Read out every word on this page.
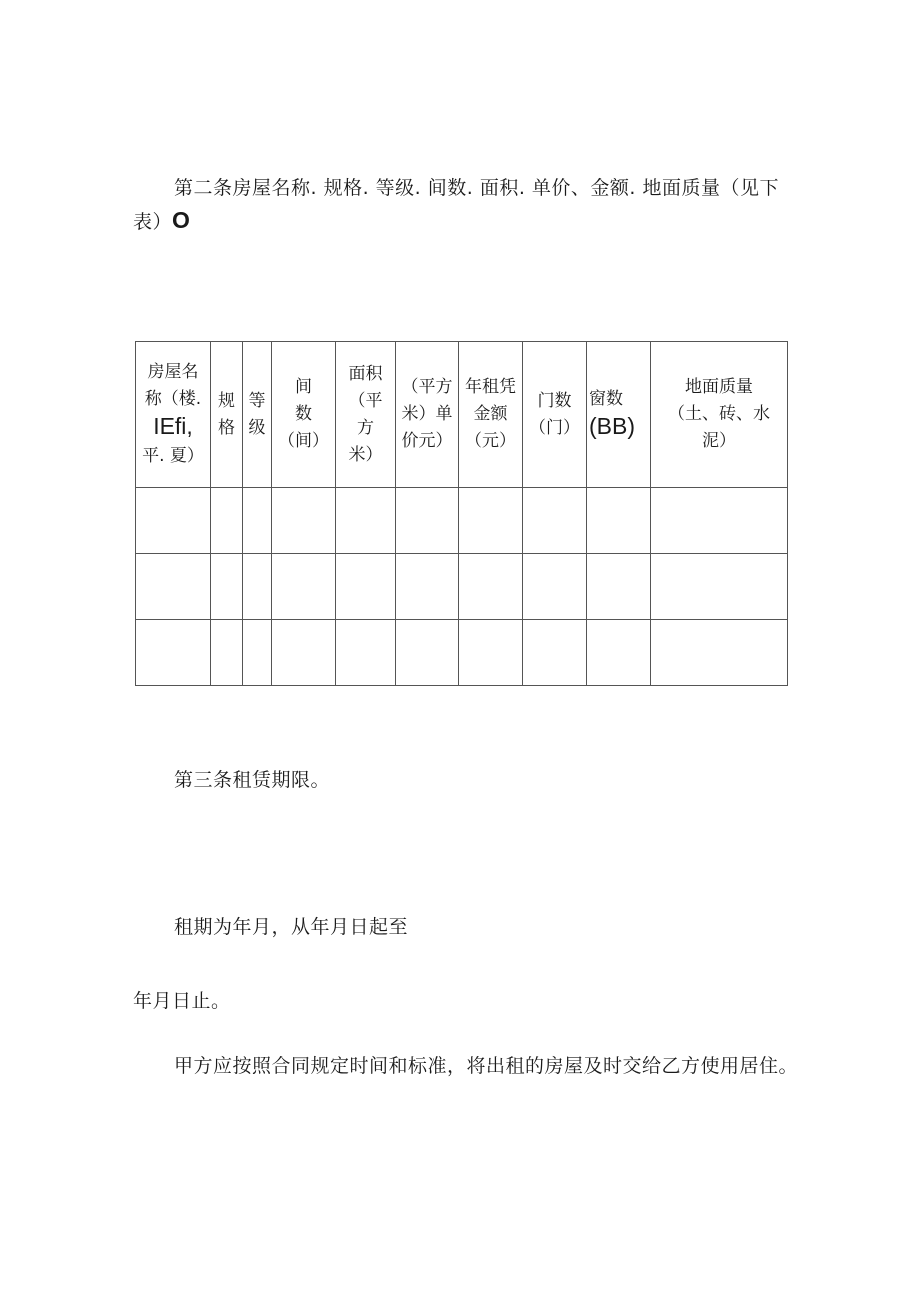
第二条房屋名称. 规格. 等级. 间数. 面积. 单价、金额. 地面质量（见下
表）O
房屋名
称（楼.
IEfi,
平. 夏）	规
格	等
级	间
数
（间）	面积
（平
方
米）	（平方
米）单
价元）	年租凭
金额
（元）	门数
（门）	窗数
(BB)	地面质量
（土、砖、水
泥）

第三条租赁期限。
租期为年月，从年月日起至
年月日止。
甲方应按照合同规定时间和标准，将出租的房屋及时交给乙方使用居住。
